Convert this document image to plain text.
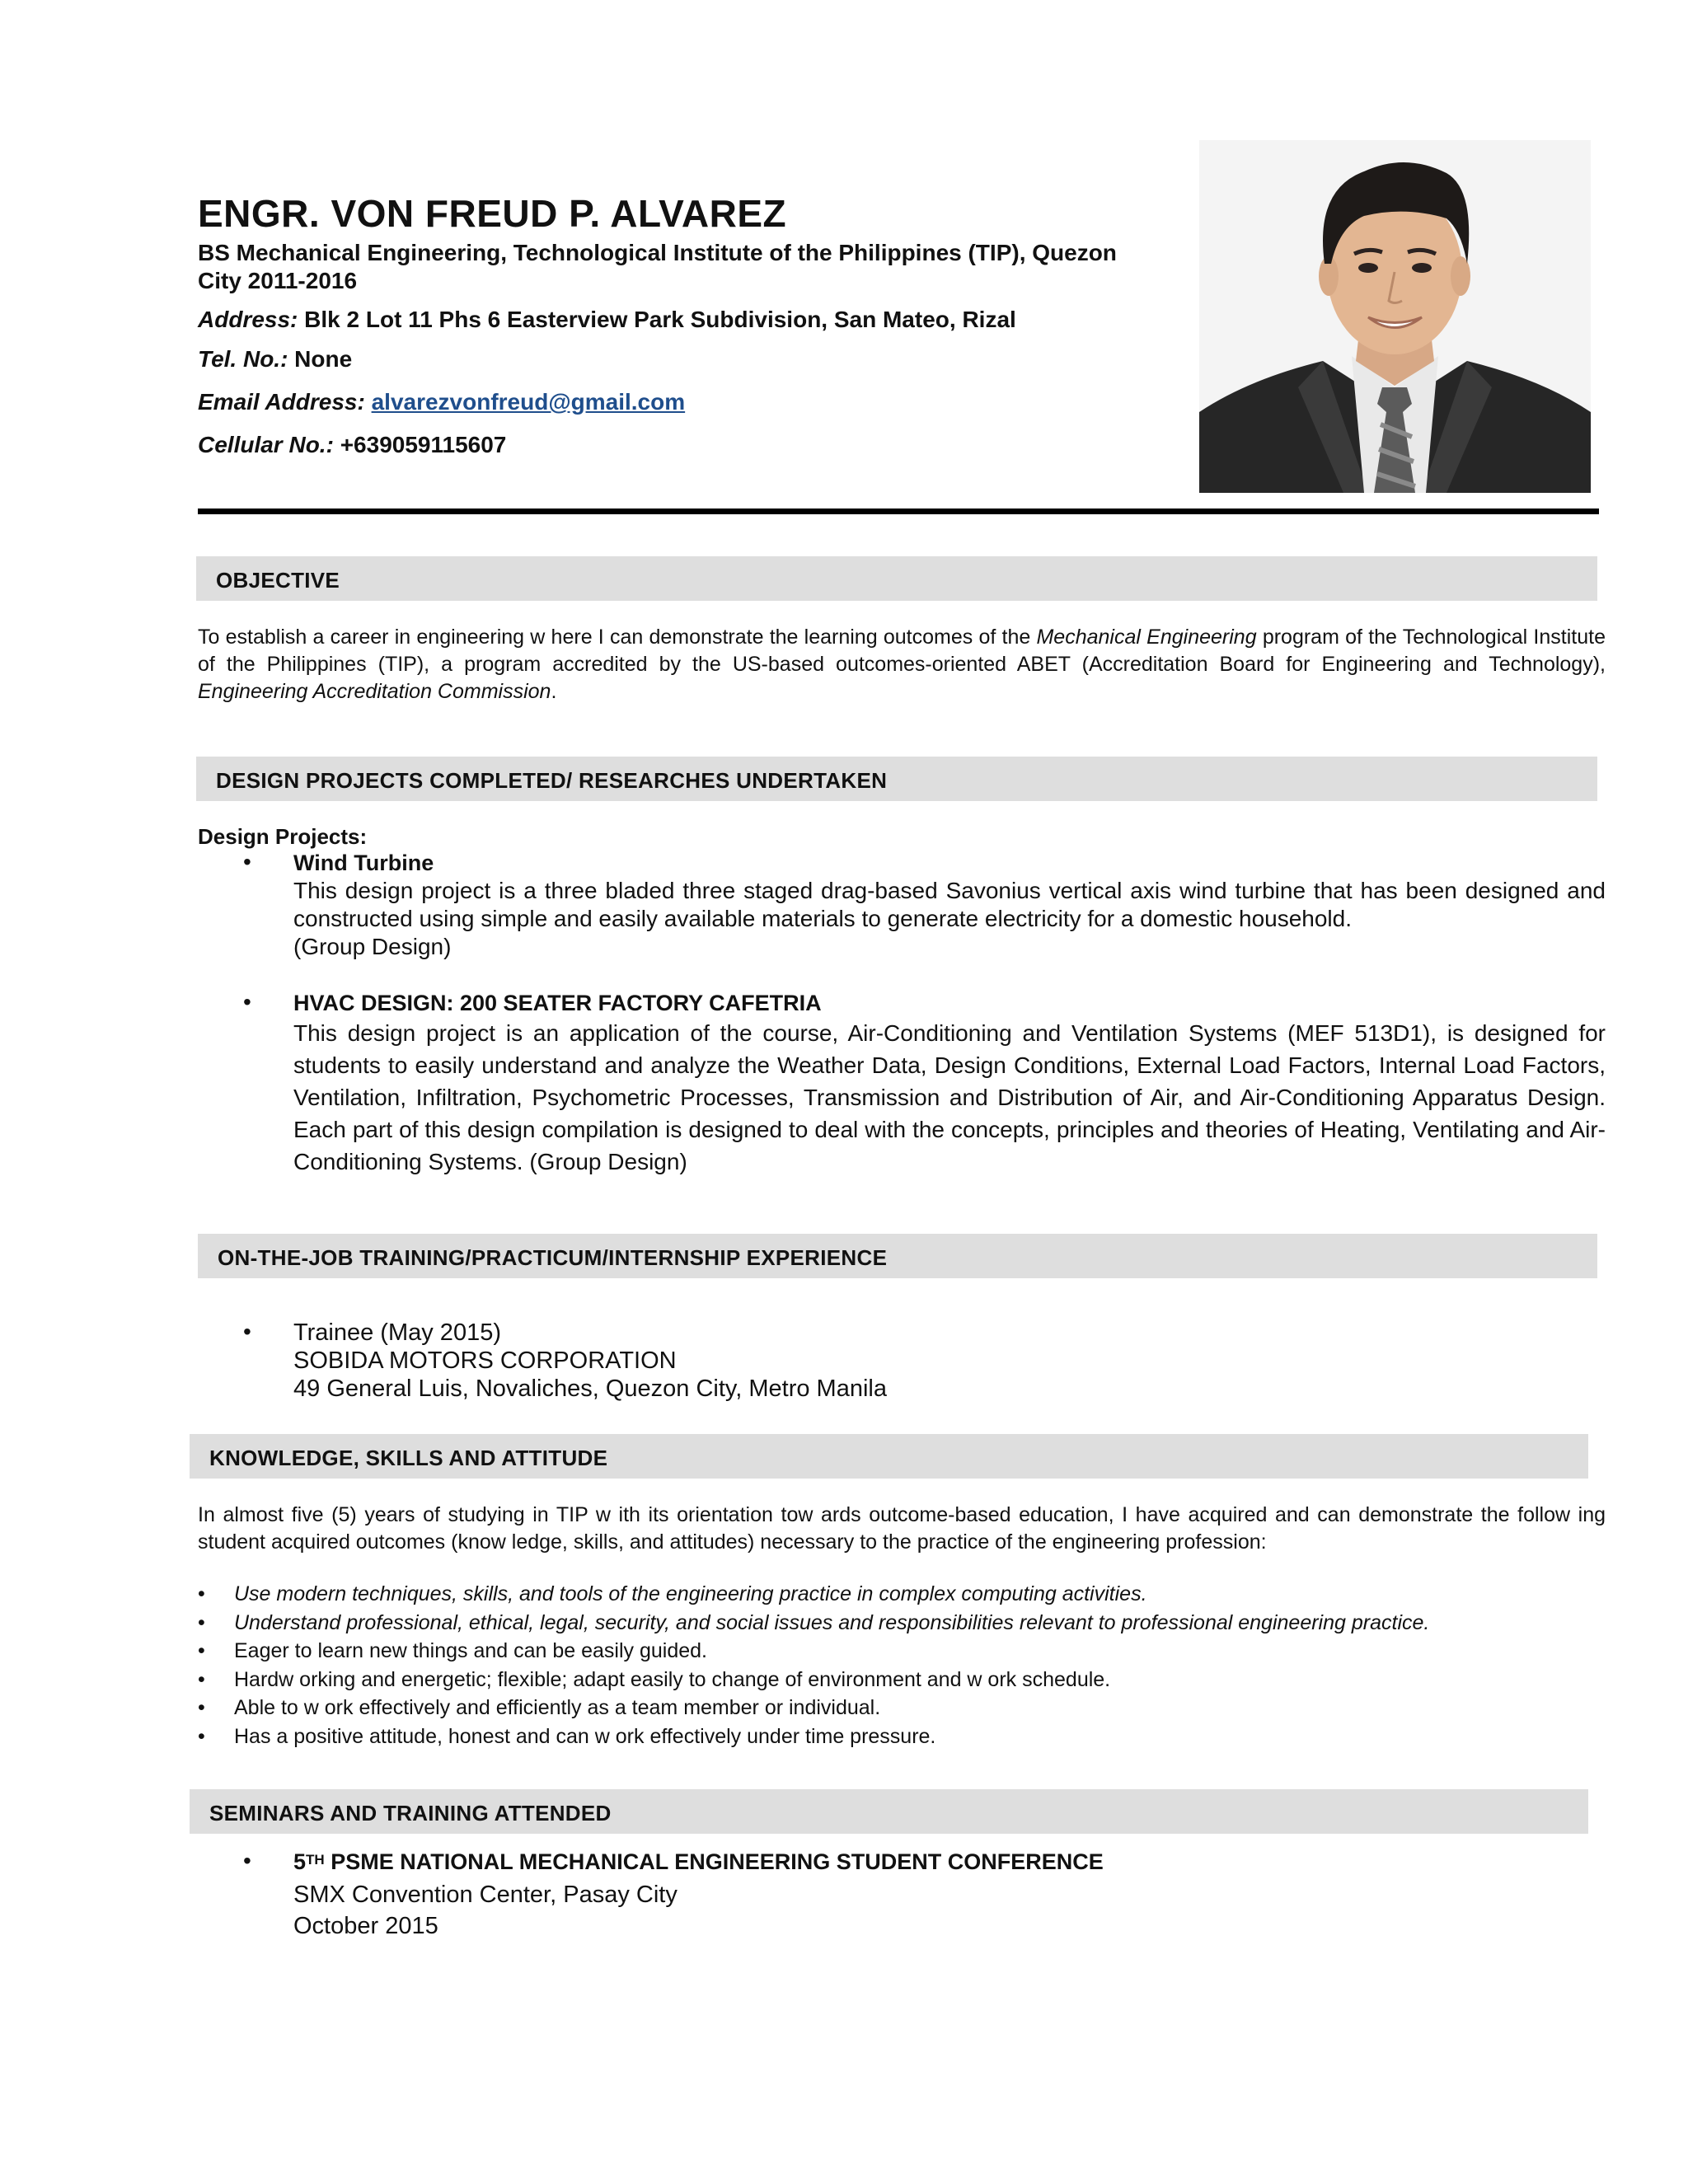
ENGR. VON FREUD P. ALVAREZ
BS Mechanical Engineering, Technological Institute of the Philippines (TIP), Quezon City 2011-2016
Address: Blk 2 Lot 11 Phs 6 Easterview Park Subdivision, San Mateo, Rizal
Tel. No.: None
Email Address: alvarezvonfreud@gmail.com
Cellular No.: +639059115607
OBJECTIVE
To establish a career in engineering w here I can demonstrate the learning outcomes of the Mechanical Engineering program of the Technological Institute of the Philippines (TIP), a program accredited by the US-based outcomes-oriented ABET (Accreditation Board for Engineering and Technology), Engineering Accreditation Commission.
DESIGN PROJECTS COMPLETED/ RESEARCHES UNDERTAKEN
Design Projects:
• Wind Turbine
This design project is a three bladed three staged drag-based Savonius vertical axis wind turbine that has been designed and constructed using simple and easily available materials to generate electricity for a domestic household.
(Group Design)
• HVAC DESIGN: 200 SEATER FACTORY CAFETRIA
This design project is an application of the course, Air-Conditioning and Ventilation Systems (MEF 513D1), is designed for students to easily understand and analyze the Weather Data, Design Conditions, External Load Factors, Internal Load Factors, Ventilation, Infiltration, Psychometric Processes, Transmission and Distribution of Air, and Air-Conditioning Apparatus Design. Each part of this design compilation is designed to deal with the concepts, principles and theories of Heating, Ventilating and Air-Conditioning Systems. (Group Design)
ON-THE-JOB TRAINING/PRACTICUM/INTERNSHIP EXPERIENCE
• Trainee (May 2015)
SOBIDA MOTORS CORPORATION
49 General Luis, Novaliches, Quezon City, Metro Manila
KNOWLEDGE, SKILLS AND ATTITUDE
In almost five (5) years of studying in TIP w ith its orientation tow ards outcome-based education, I have acquired and can demonstrate the follow ing student acquired outcomes (know ledge, skills, and attitudes) necessary to the practice of the engineering profession:
• Use modern techniques, skills, and tools of the engineering practice in complex computing activities.
• Understand professional, ethical, legal, security, and social issues and responsibilities relevant to professional engineering practice.
• Eager to learn new things and can be easily guided.
• Hardw orking and energetic; flexible; adapt easily to change of environment and w ork schedule.
• Able to w ork effectively and efficiently as a team member or individual.
• Has a positive attitude, honest and can w ork effectively under time pressure.
SEMINARS AND TRAINING ATTENDED
• 5TH PSME NATIONAL MECHANICAL ENGINEERING STUDENT CONFERENCE
SMX Convention Center, Pasay City
October 2015
